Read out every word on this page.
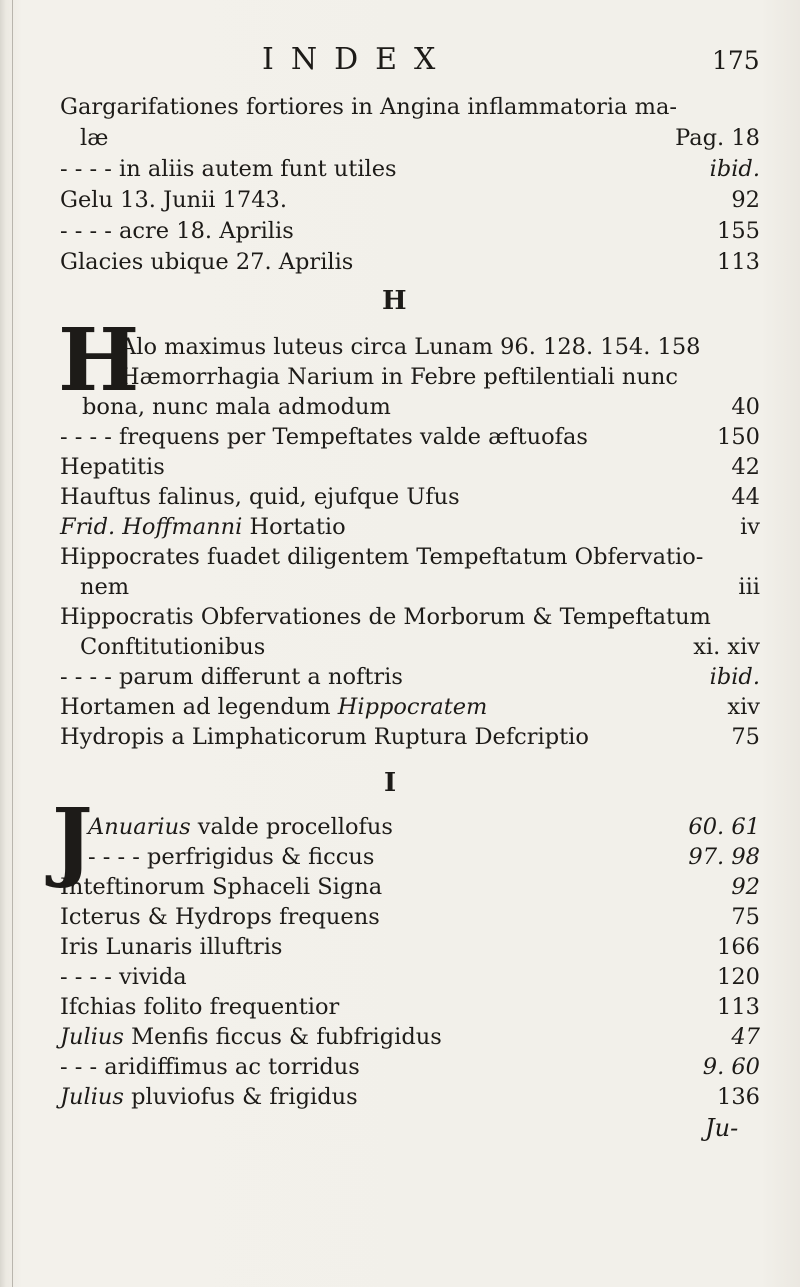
INDEX	175
Gargarifationes fortiores in Angina inflammatoria ma-
læ	Pag. 18
- - - - in aliis autem funt utiles	ibid.
Gelu 13. Junii 1743.	92
- - - - acre 18. Aprilis	155
Glacies ubique 27. Aprilis	113
H
H
Alo maximus luteus circa Lunam 96. 128. 154. 158
Hæmorrhagia Narium in Febre peftilentiali nunc
bona, nunc mala admodum	40
- - - - frequens per Tempeftates valde æftuofas	150
Hepatitis	42
Hauftus falinus, quid, ejufque Ufus	44
Frid. Hoffmanni Hortatio	iv
Hippocrates fuadet diligentem Tempeftatum Obfervatio-
nem	iii
Hippocratis Obfervationes de Morborum & Tempeftatum
Conftitutionibus	xi. xiv
- - - - parum differunt a noftris	ibid.
Hortamen ad legendum Hippocratem	xiv
Hydropis a Limphaticorum Ruptura Defcriptio	75
I
J
Anuarius valde procellofus	60. 61
- - - - perfrigidus & ficcus	97. 98
Inteftinorum Sphaceli Signa	92
Icterus & Hydrops frequens	75
Iris Lunaris illuftris	166
- - - - vivida	120
Ifchias folito frequentior	113
Julius Menfis ficcus & fubfrigidus	47
- - - aridiffimus ac torridus	9. 60
Julius pluviofus & frigidus	136
Ju-
